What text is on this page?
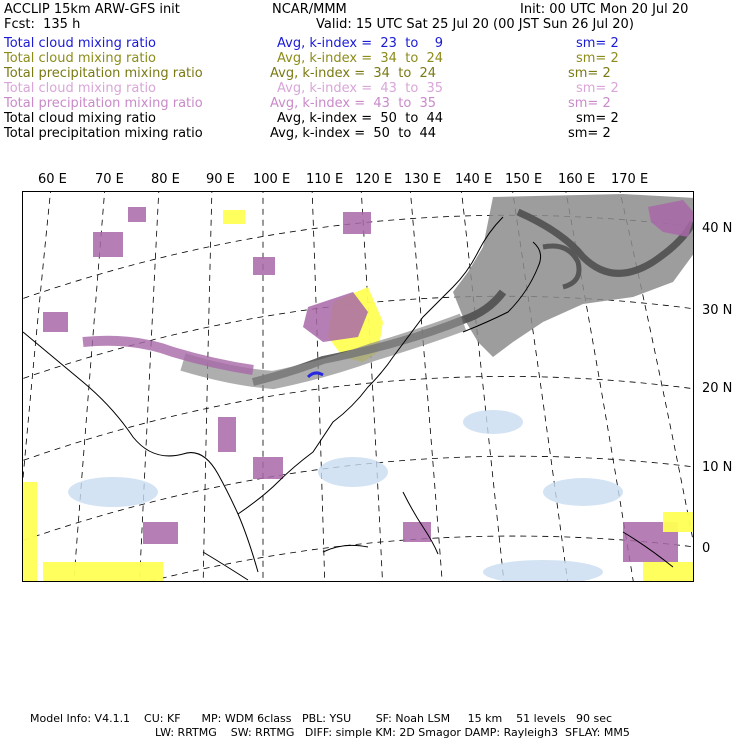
ACCLIP 15km ARW-GFS init	NCAR/MMM	Init: 00 UTC Mon 20 Jul 20
Fcst:  135 h	Valid: 15 UTC Sat 25 Jul 20 (00 JST Sun 26 Jul 20)
Total cloud mixing ratio	Avg, k-index =  23  to    9	sm= 2
Total cloud mixing ratio	Avg, k-index =  34  to  24	sm= 2
Total precipitation mixing ratio	Avg, k-index =  34  to  24	sm= 2
Total cloud mixing ratio	Avg, k-index =  43  to  35	sm= 2
Total precipitation mixing ratio	Avg, k-index =  43  to  35	sm= 2
Total cloud mixing ratio	Avg, k-index =  50  to  44	sm= 2
Total precipitation mixing ratio	Avg, k-index =  50  to  44	sm= 2
60 E 70 E 80 E 90 E 100 E 110 E 120 E 130 E 140 E 150 E 160 E 170 E
40 N
30 N
20 N
10 N
0
Model Info: V4.1.1    CU: KF      MP: WDM 6class   PBL: YSU       SF: Noah LSM     15 km    51 levels   90 sec
LW: RRTMG    SW: RRTMG   DIFF: simple KM: 2D Smagor DAMP: Rayleigh3  SFLAY: MM5
